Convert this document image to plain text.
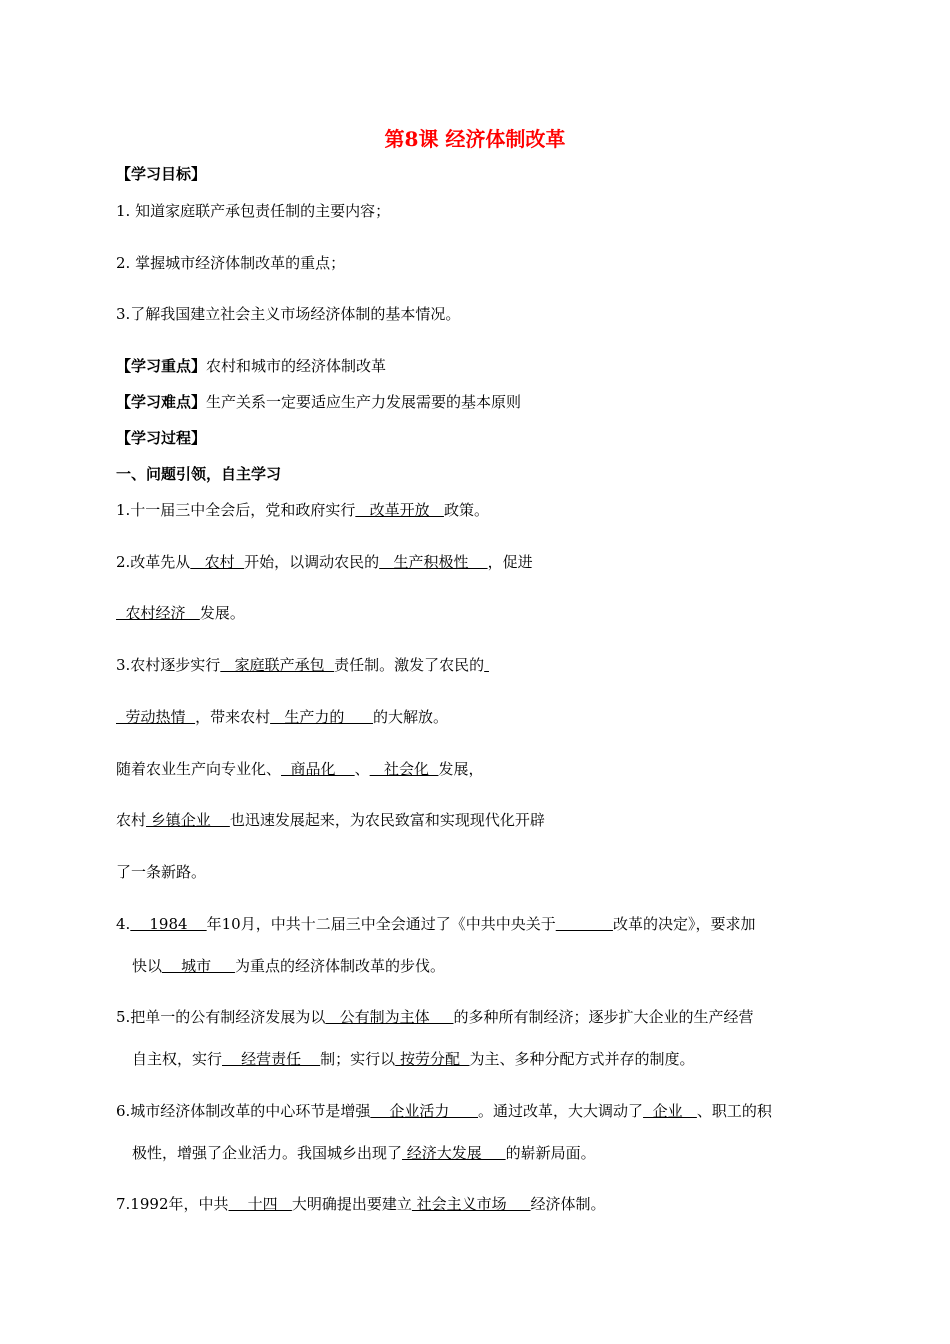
第8课 经济体制改革
【学习目标】
1. 知道家庭联产承包责任制的主要内容；
2. 掌握城市经济体制改革的重点；
3.了解我国建立社会主义市场经济体制的基本情况。
【学习重点】农村和城市的经济体制改革
【学习难点】生产关系一定要适应生产力发展需要的基本原则
【学习过程】
一、问题引领，自主学习
1.十一届三中全会后，党和政府实行   改革开放   政策。
2.改革先从   农村  开始，以调动农民的   生产积极性    ，促进
农村经济   发展。
3.农村逐步实行   家庭联产承包  责任制。激发了农民的
劳动热情  ，带来农村   生产力的      的大解放。
随着农业生产向专业化、  商品化    、   社会化  发展，
农村 乡镇企业    也迅速发展起来，为农民致富和实现现代化开辟
了一条新路。
4.    1984    年10月，中共十二届三中全会通过了《中共中央关于	改革的决定》，要求加
快以    城市     为重点的经济体制改革的步伐。
5.把单一的公有制经济发展为以   公有制为主体     的多种所有制经济；逐步扩大企业的生产经营
自主权，实行    经营责任    制；实行以 按劳分配  为主、多种分配方式并存的制度。
6.城市经济体制改革的中心环节是增强    企业活力      。通过改革，大大调动了  企业   、职工的积
极性，增强了企业活力。我国城乡出现了 经济大发展     的崭新局面。
7.1992年，中共    十四   大明确提出要建立 社会主义市场     经济体制。
